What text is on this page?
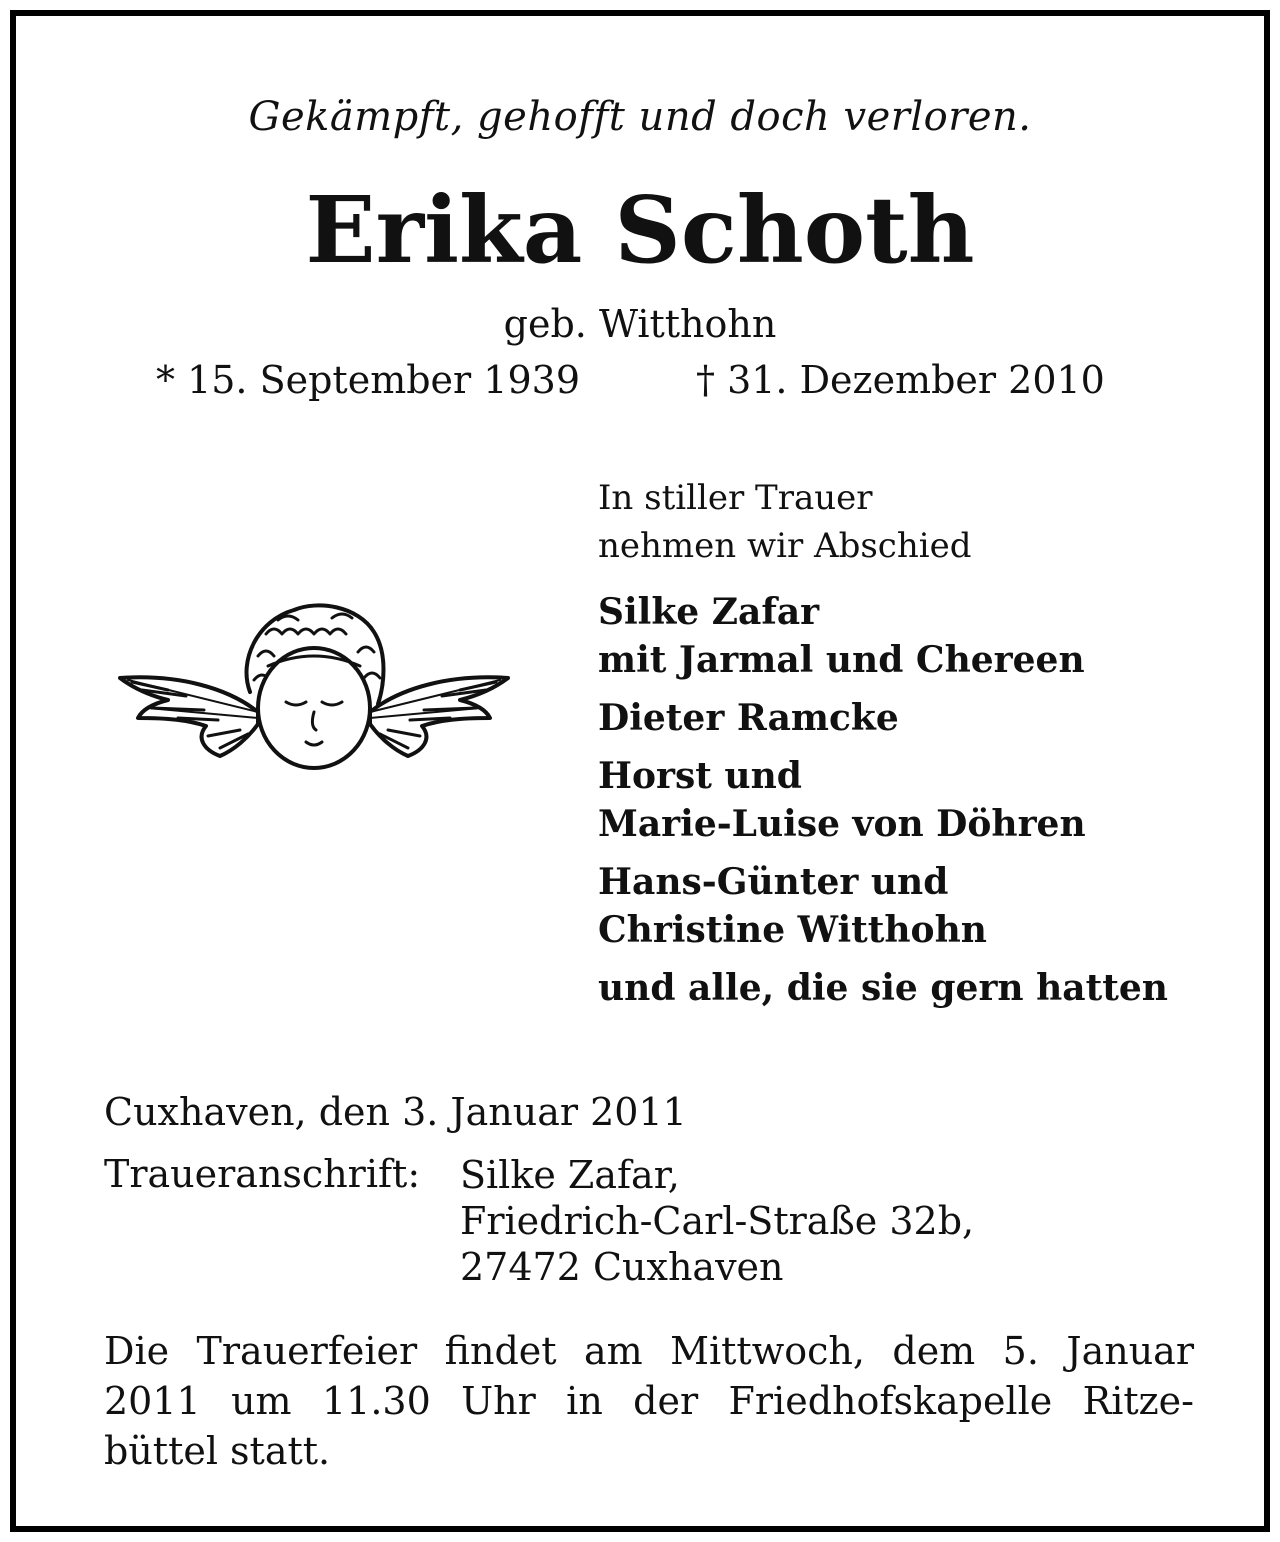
Gekämpft, gehofft und doch verloren.

Erika Schoth

geb. Witthohn

* 15. September 1939	† 31. Dezember 2010

In stiller Trauer
nehmen wir Abschied
Silke Zafar
mit Jarmal und Chereen
Dieter Ramcke
Horst und
Marie-Luise von Döhren
Hans-Günter und
Christine Witthohn
und alle, die sie gern hatten

Cuxhaven, den 3. Januar 2011

Traueranschrift: Silke Zafar,
Friedrich-Carl-Straße 32b,
27472 Cuxhaven
Die Trauerfeier findet am Mittwoch, dem 5. Januar
2011 um 11.30 Uhr in der Friedhofskapelle Ritze-
büttel statt.
